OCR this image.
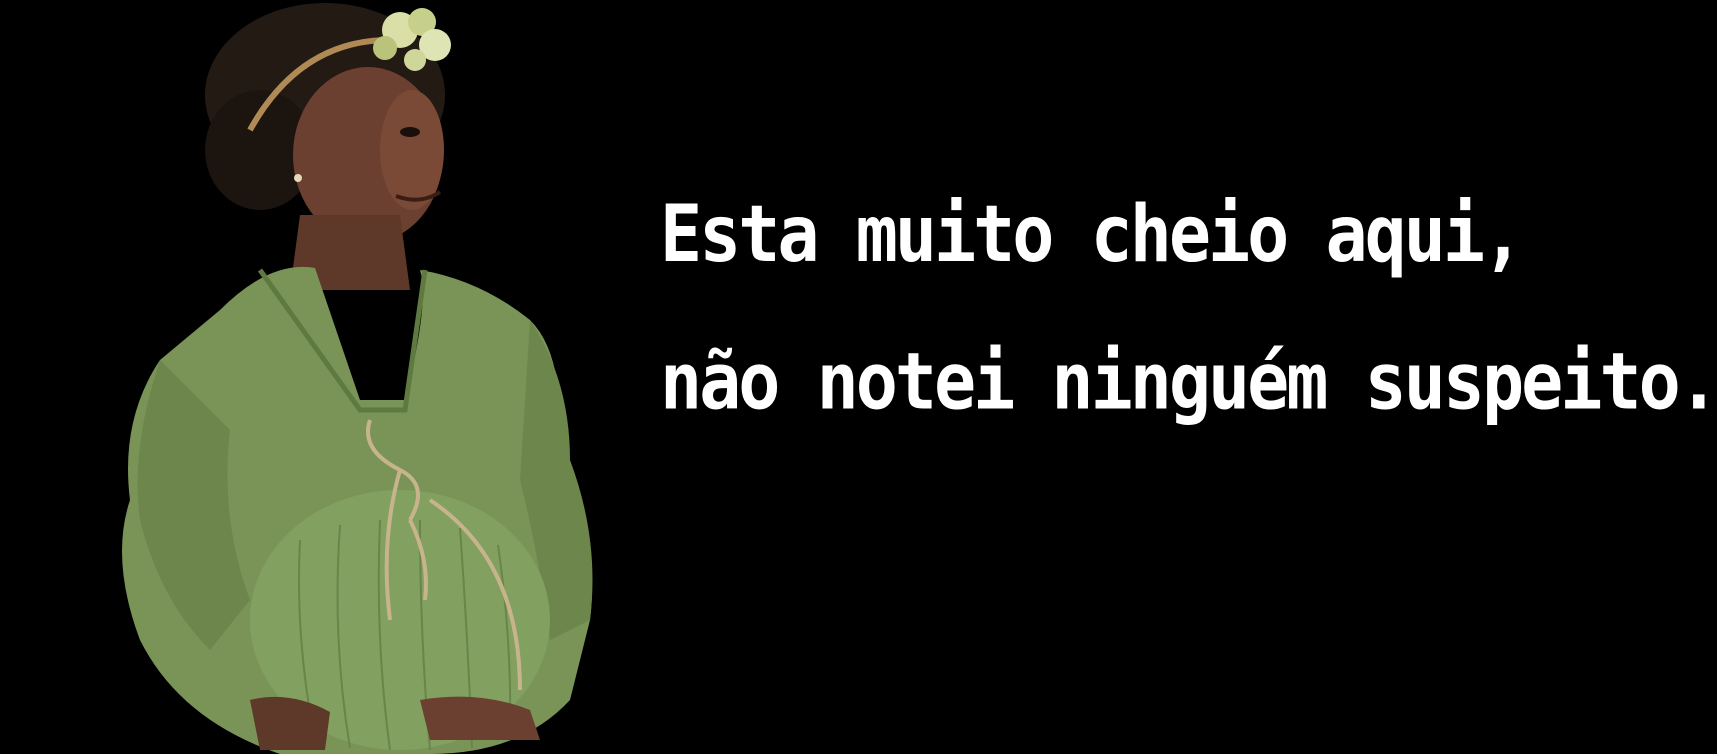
Esta muito cheio aqui,
não notei ninguém suspeito.
